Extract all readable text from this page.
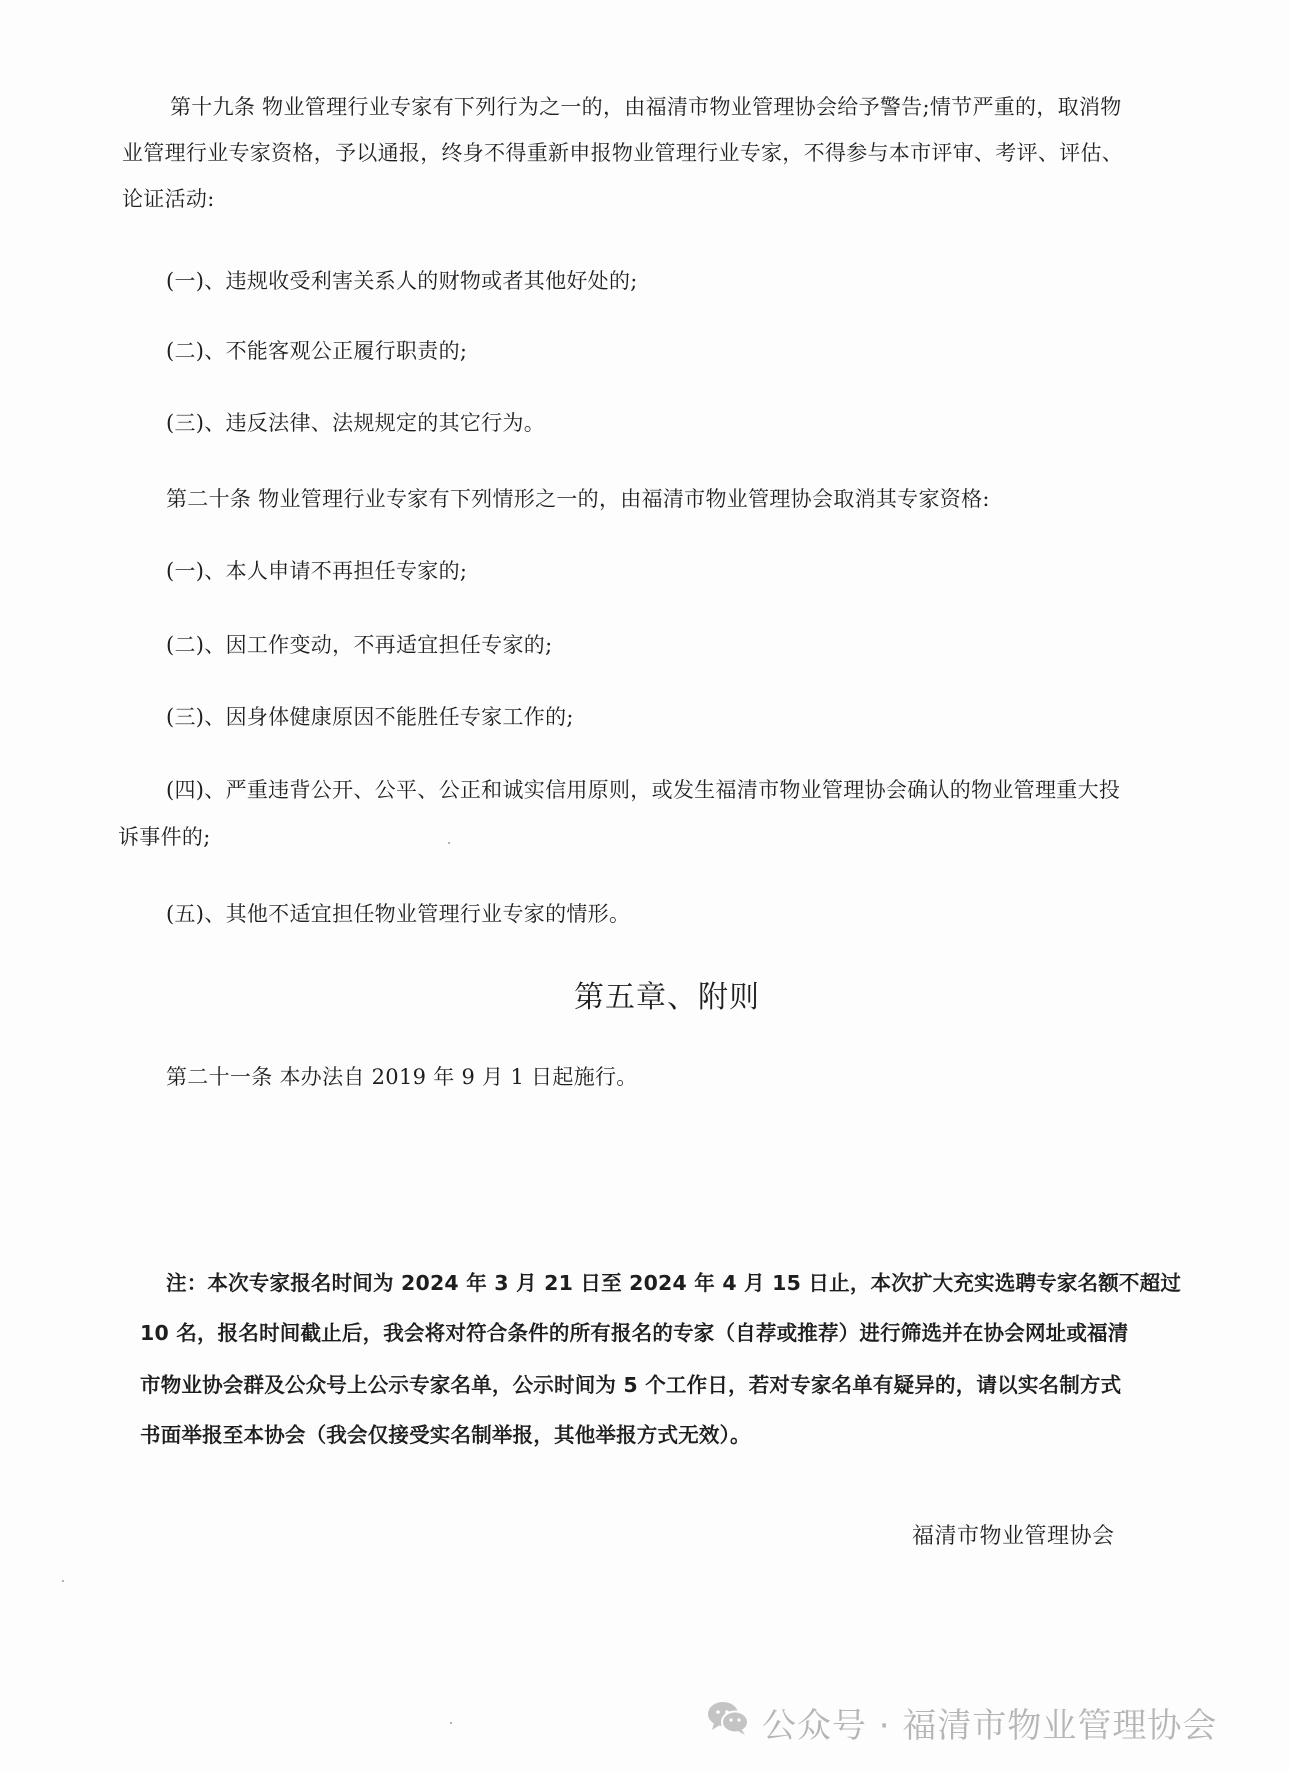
第十九条 物业管理行业专家有下列行为之一的，由福清市物业管理协会给予警告;情节严重的，取消物
业管理行业专家资格，予以通报，终身不得重新申报物业管理行业专家，不得参与本市评审、考评、评估、
论证活动:
(一)、违规收受利害关系人的财物或者其他好处的;
(二)、不能客观公正履行职责的;
(三)、违反法律、法规规定的其它行为。
第二十条 物业管理行业专家有下列情形之一的，由福清市物业管理协会取消其专家资格:
(一)、本人申请不再担任专家的;
(二)、因工作变动，不再适宜担任专家的;
(三)、因身体健康原因不能胜任专家工作的;
(四)、严重违背公开、公平、公正和诚实信用原则，或发生福清市物业管理协会确认的物业管理重大投
诉事件的;
(五)、其他不适宜担任物业管理行业专家的情形。
第五章、附则
第二十一条 本办法自 2019 年 9 月 1 日起施行。
注：本次专家报名时间为 2024 年 3 月 21 日至 2024 年 4 月 15 日止，本次扩大充实选聘专家名额不超过
10 名，报名时间截止后，我会将对符合条件的所有报名的专家（自荐或推荐）进行筛选并在协会网址或福清
市物业协会群及公众号上公示专家名单，公示时间为 5 个工作日，若对专家名单有疑异的，请以实名制方式
书面举报至本协会（我会仅接受实名制举报，其他举报方式无效）。
福清市物业管理协会
公众号 · 福清市物业管理协会
